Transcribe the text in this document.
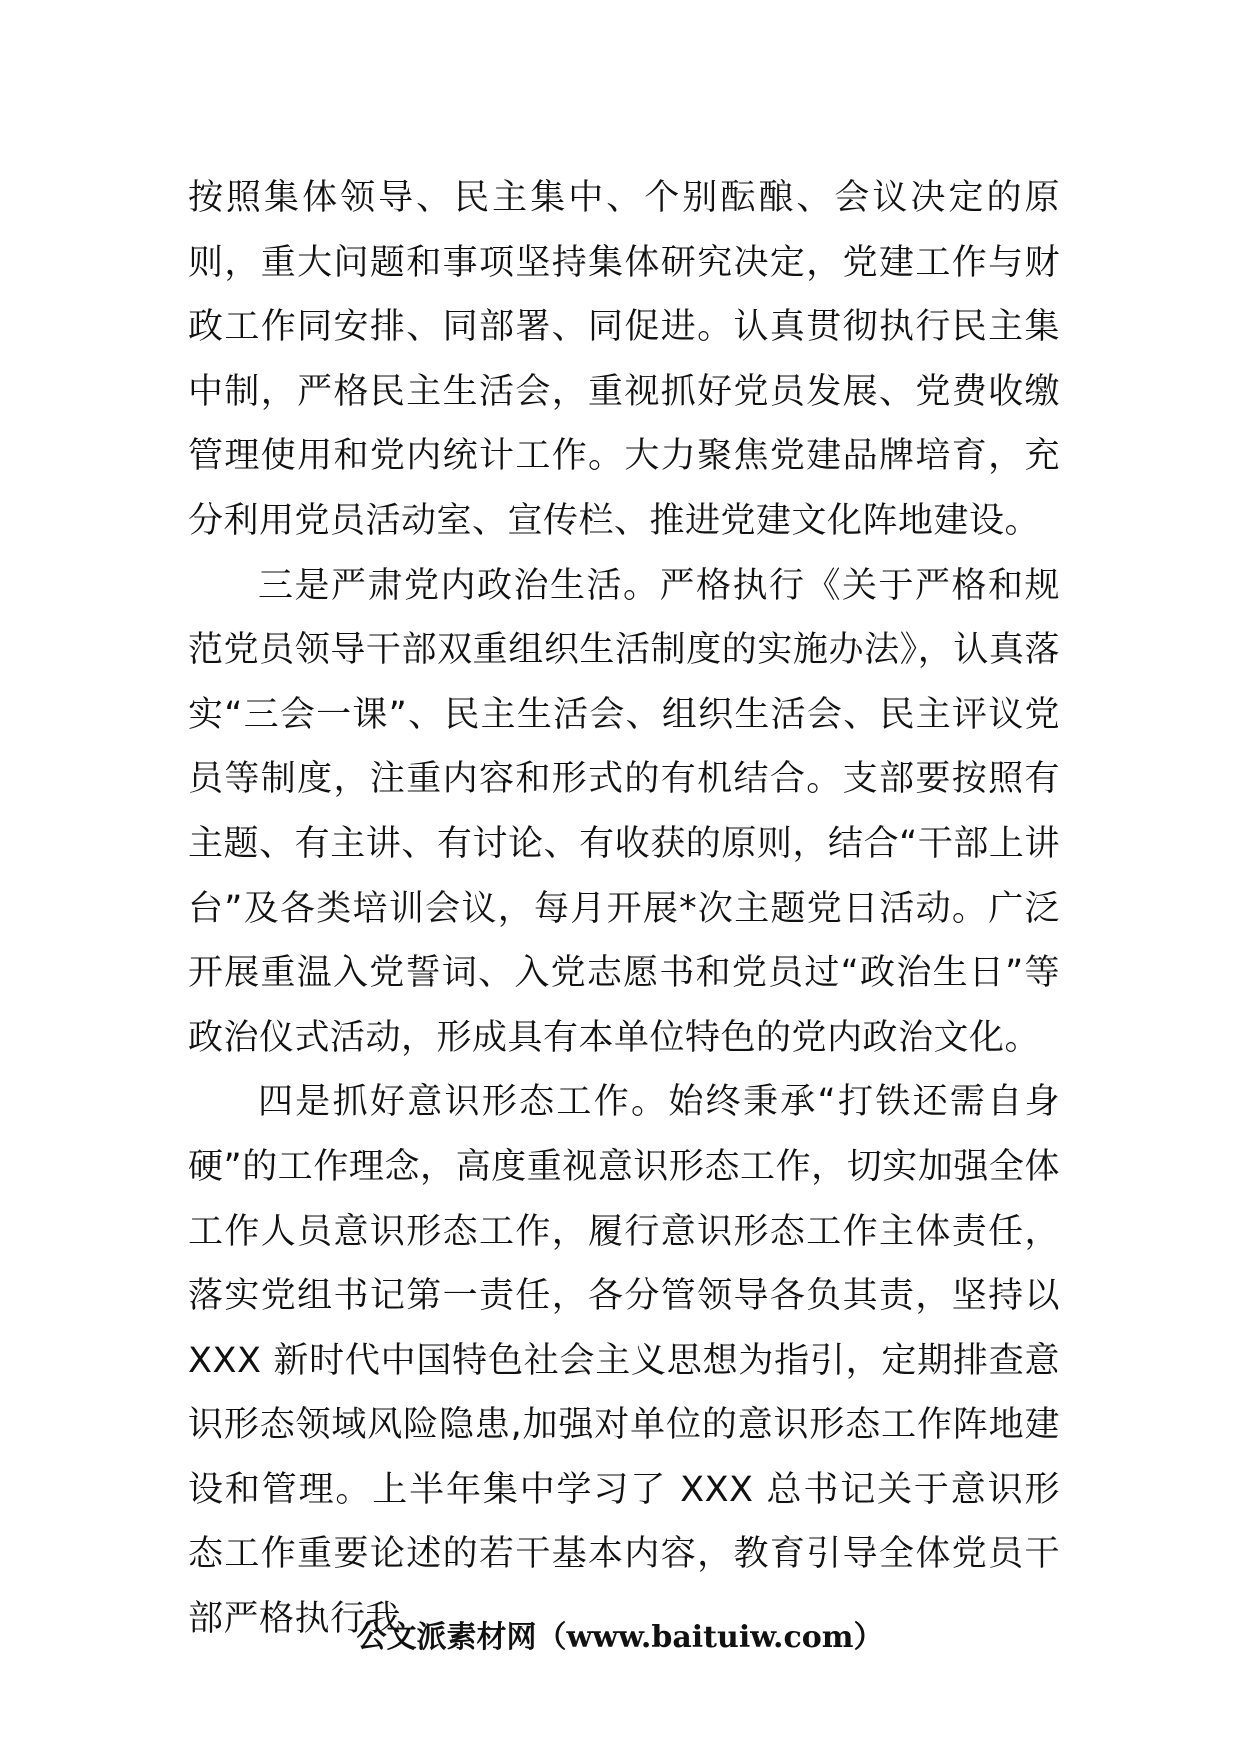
按照集体领导、民主集中、个别酝酿、会议决定的原则，重大问题和事项坚持集体研究决定，党建工作与财政工作同安排、同部署、同促进。认真贯彻执行民主集中制，严格民主生活会，重视抓好党员发展、党费收缴管理使用和党内统计工作。大力聚焦党建品牌培育，充分利用党员活动室、宣传栏、推进党建文化阵地建设。

三是严肃党内政治生活。严格执行《关于严格和规范党员领导干部双重组织生活制度的实施办法》，认真落实“三会一课”、民主生活会、组织生活会、民主评议党员等制度，注重内容和形式的有机结合。支部要按照有主题、有主讲、有讨论、有收获的原则，结合“干部上讲台”及各类培训会议，每月开展*次主题党日活动。广泛开展重温入党誓词、入党志愿书和党员过“政治生日”等政治仪式活动，形成具有本单位特色的党内政治文化。

四是抓好意识形态工作。始终秉承“打铁还需自身硬”的工作理念，高度重视意识形态工作，切实加强全体工作人员意识形态工作，履行意识形态工作主体责任，落实党组书记第一责任，各分管领导各负其责，坚持以 XXX 新时代中国特色社会主义思想为指引，定期排查意识形态领域风险隐患,加强对单位的意识形态工作阵地建设和管理。上半年集中学习了 XXX 总书记关于意识形态工作重要论述的若干基本内容，教育引导全体党员干部严格执行我

公文派素材网（www.baituiw.com）
